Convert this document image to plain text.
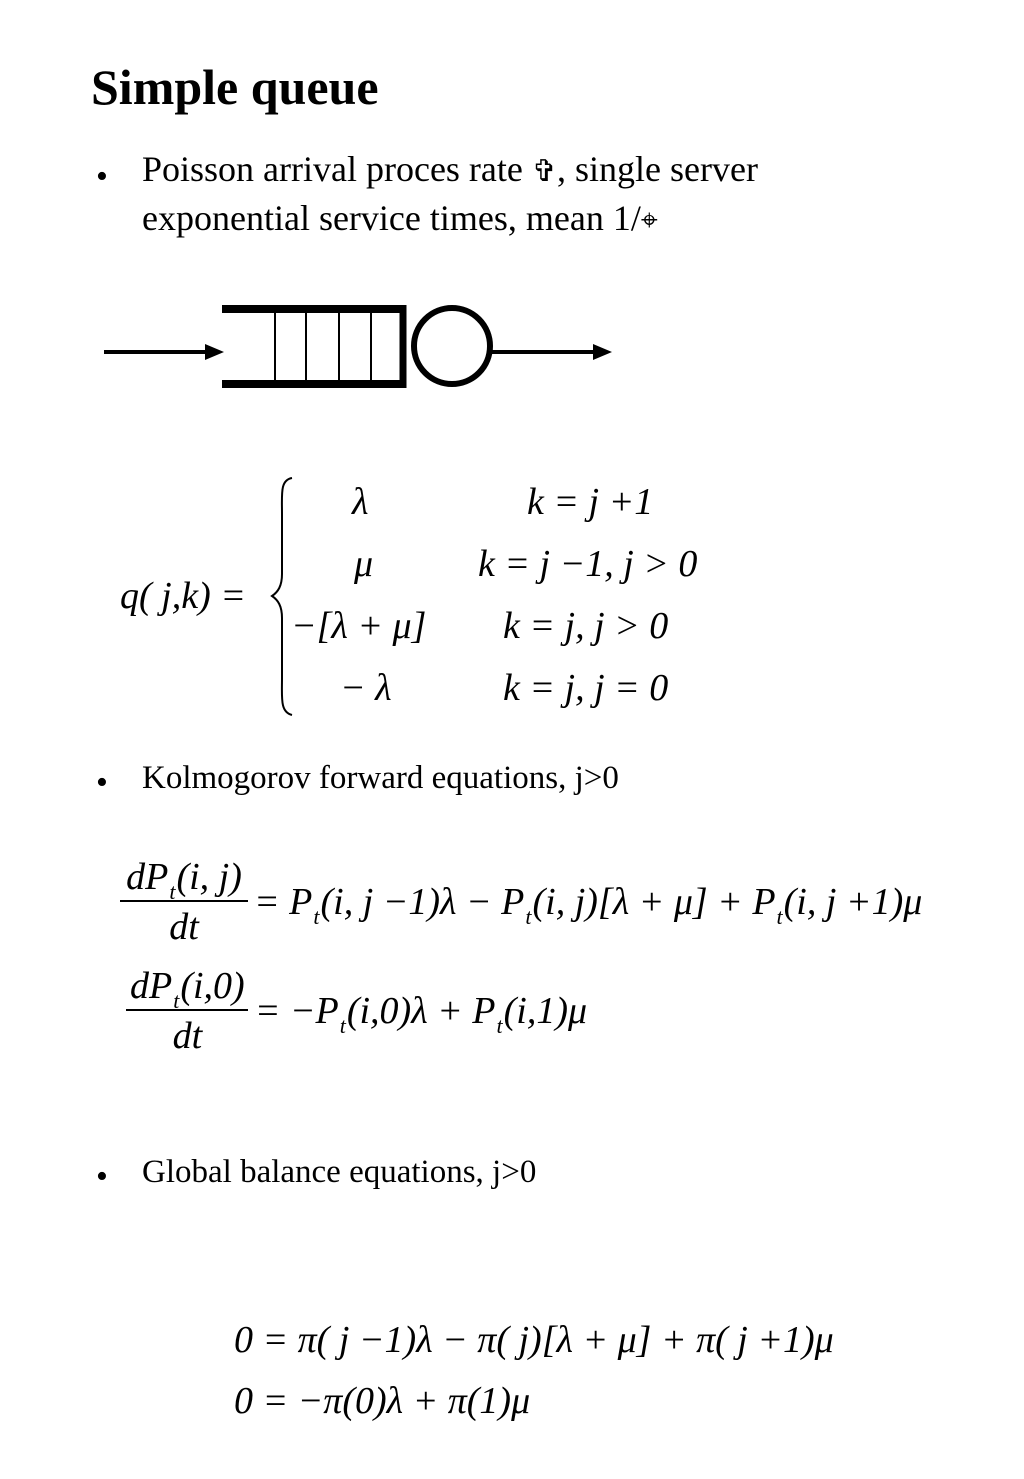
Simple queue
• Poisson arrival proces rate ✞, single server
exponential service times, mean 1/⌖
q( j,k) =
λ	k = j +1
μ	k = j −1, j > 0
−[λ + μ] k = j, j > 0
− λ	k = j, j = 0
• Kolmogorov forward equations, j>0
$\frac{dP_t(i, j)}{dt} = P_t(i$, $j -1)\lambda - P_t(i$, $j)[\lambda + \mu] + P_t(i$, j +1)μ
$\frac{dP_t(i,0)}{dt} = -P_t(i,0)\lambda + P_t(i,1)\mu$
• Global balance equations, j>0
0 = π( j −1)λ − π( j)[λ + μ] + π( j +1)μ
0 = −π(0)λ + π(1)μ
